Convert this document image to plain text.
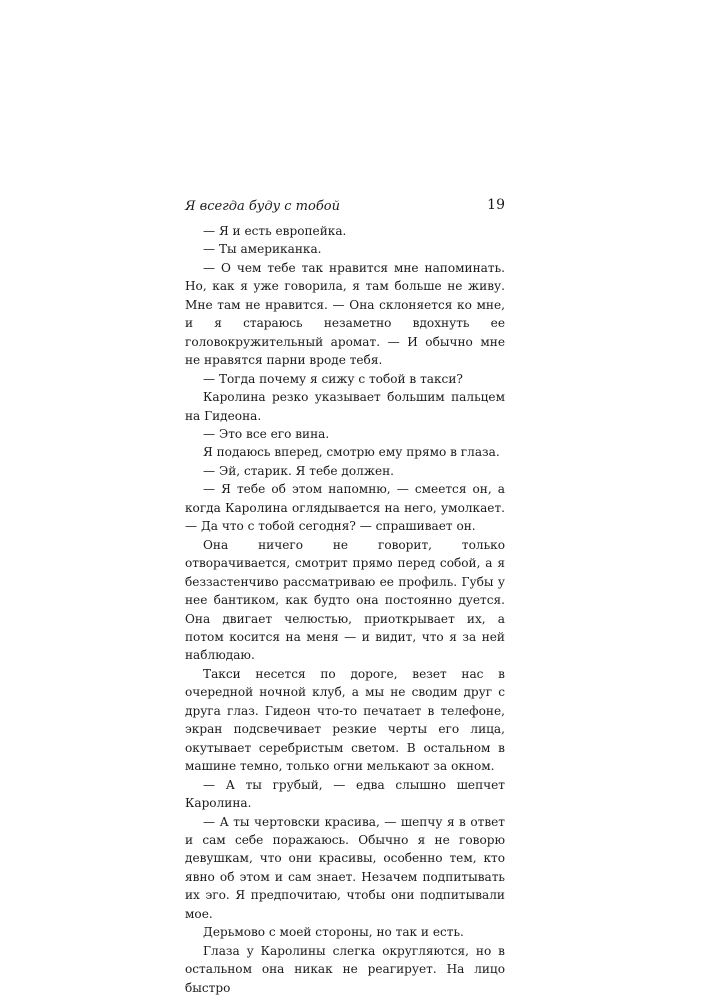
Я всегда буду с тобой	19

— Я и есть европейка.

— Ты американка.

— О чем тебе так нравится мне напоминать. Но, как я уже говорила, я там больше не живу. Мне там не нравится. — Она склоняется ко мне, и я стараюсь незаметно вдохнуть ее головокружительный аромат. — И обычно мне не нравятся парни вроде тебя.

— Тогда почему я сижу с тобой в такси?

Каролина резко указывает большим пальцем на Гидеона.

— Это все его вина.

Я подаюсь вперед, смотрю ему прямо в глаза.

— Эй, старик. Я тебе должен.

— Я тебе об этом напомню, — смеется он, а когда Каролина оглядывается на него, умолкает. — Да что с тобой сегодня? — спрашивает он.

Она ничего не говорит, только отворачивается, смотрит прямо перед собой, а я беззастенчиво рассматриваю ее профиль. Губы у нее бантиком, как будто она постоянно дуется. Она двигает челюстью, приоткрывает их, а потом косится на меня — и видит, что я за ней наблюдаю.

Такси несется по дороге, везет нас в очередной ночной клуб, а мы не сводим друг с друга глаз. Гидеон что-то печатает в телефоне, экран подсвечивает резкие черты его лица, окутывает серебристым светом. В остальном в машине темно, только огни мелькают за окном.

— А ты грубый, — едва слышно шепчет Каролина.

— А ты чертовски красива, — шепчу я в ответ и сам себе поражаюсь. Обычно я не говорю девушкам, что они красивы, особенно тем, кто явно об этом и сам знает. Незачем подпитывать их эго. Я предпочитаю, чтобы они подпитывали мое.

Дерьмово с моей стороны, но так и есть.

Глаза у Каролины слегка округляются, но в остальном она никак не реагирует. На лицо быстро
